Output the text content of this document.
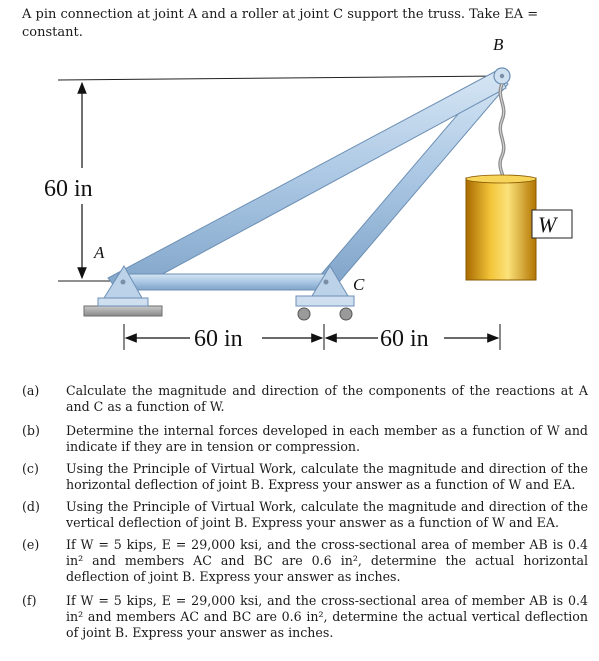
A pin connection at joint A and a roller at joint C support the truss. Take EA = constant.
60 in
B
W
A
C
60 in	60 in
(a)	Calculate the magnitude and direction of the components of the reactions at A and C as a function of W.
(b)	Determine the internal forces developed in each member as a function of W and indicate if they are in tension or compression.
(c)	Using the Principle of Virtual Work, calculate the magnitude and direction of the horizontal deflection of joint B. Express your answer as a function of W and EA.
(d)	Using the Principle of Virtual Work, calculate the magnitude and direction of the vertical deflection of joint B. Express your answer as a function of W and EA.
(e)	If W = 5 kips, E = 29,000 ksi, and the cross-sectional area of member AB is 0.4 in² and members AC and BC are 0.6 in², determine the actual horizontal deflection of joint B. Express your answer as inches.
(f)	If W = 5 kips, E = 29,000 ksi, and the cross-sectional area of member AB is 0.4 in² and members AC and BC are 0.6 in², determine the actual vertical deflection of joint B. Express your answer as inches.
